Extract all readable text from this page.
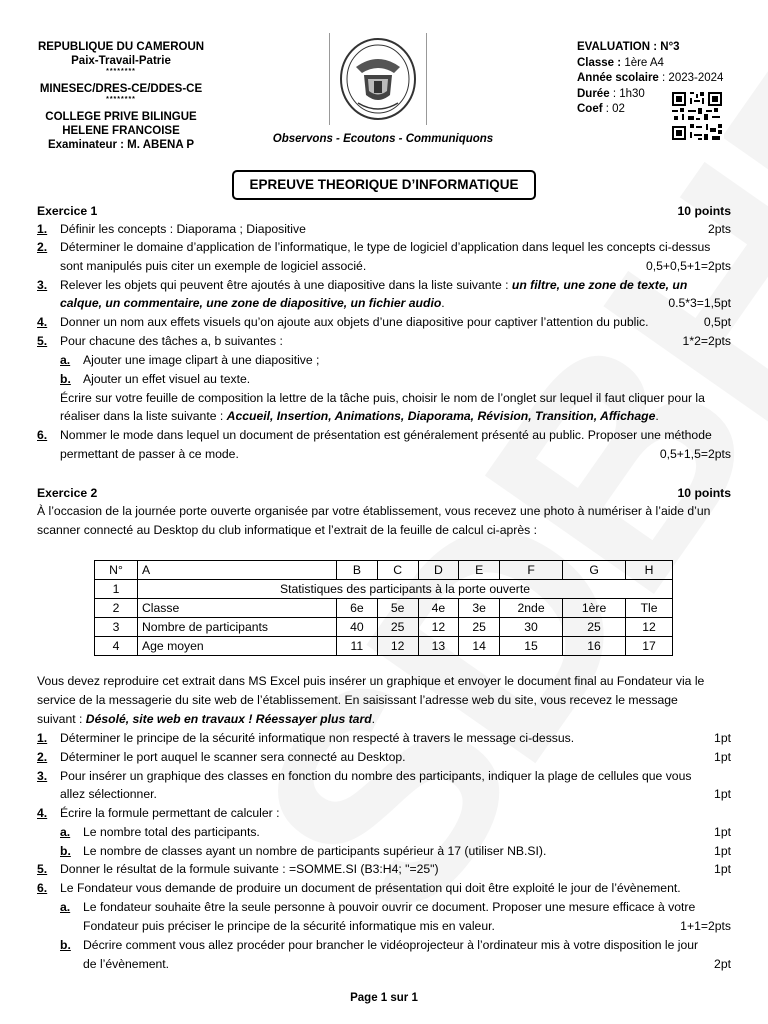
REPUBLIQUE DU CAMEROUN
Paix-Travail-Patrie
********
MINESEC/DRES-CE/DDES-CE
********
COLLEGE PRIVE BILINGUE
HELENE FRANCOISE
Examinateur : M. ABENA P	Observons - Ecoutons - Communiquons
EVALUATION : N°3
Classe : 1ère A4
Année scolaire : 2023-2024
Durée : 1h30
Coef : 02
EPREUVE THEORIQUE D’INFORMATIQUE
Exercice 1	10 points
1. Définir les concepts : Diaporama ; Diapositive	2pts
2. Déterminer le domaine d’application de l’informatique, le type de logiciel d’application dans lequel les concepts ci-dessus
sont manipulés puis citer un exemple de logiciel associé.	0,5+0,5+1=2pts
3. Relever les objets qui peuvent être ajoutés à une diapositive dans la liste suivante : un filtre, une zone de texte, un
calque, un commentaire, une zone de diapositive, un fichier audio.	0.5*3=1,5pt
4. Donner un nom aux effets visuels qu’on ajoute aux objets d’une diapositive pour captiver l’attention du public.	0,5pt
5. Pour chacune des tâches a, b suivantes :	1*2=2pts
a. Ajouter une image clipart à une diapositive ;
b. Ajouter un effet visuel au texte.
Écrire sur votre feuille de composition la lettre de la tâche puis, choisir le nom de l’onglet sur lequel il faut cliquer pour la
réaliser dans la liste suivante : Accueil, Insertion, Animations, Diaporama, Révision, Transition, Affichage.
6. Nommer le mode dans lequel un document de présentation est généralement présenté au public. Proposer une méthode
permettant de passer à ce mode.	0,5+1,5=2pts
Exercice 2	10 points
À l’occasion de la journée porte ouverte organisée par votre établissement, vous recevez une photo à numériser à l’aide d’un
scanner connecté au Desktop du club informatique et l’extrait de la feuille de calcul ci-après :
N°	A	B	C	D	E	F	G	H
1	Statistiques des participants à la porte ouverte							
2	Classe	6e	5e	4e	3e	2nde	1ère	Tle
3	Nombre de participants	40	25	12	25	30	25	12
4	Age moyen	11	12	13	14	15	16	17
Vous devez reproduire cet extrait dans MS Excel puis insérer un graphique et envoyer le document final au Fondateur via le
service de la messagerie du site web de l’établissement. En saisissant l’adresse web du site, vous recevez le message
suivant : Désolé, site web en travaux ! Réessayer plus tard.
1. Déterminer le principe de la sécurité informatique non respecté à travers le message ci-dessus.	1pt
2. Déterminer le port auquel le scanner sera connecté au Desktop.	1pt
3. Pour insérer un graphique des classes en fonction du nombre des participants, indiquer la plage de cellules que vous
allez sélectionner.	1pt
4. Écrire la formule permettant de calculer :
a. Le nombre total des participants.	1pt
b. Le nombre de classes ayant un nombre de participants supérieur à 17 (utiliser NB.SI).	1pt
5. Donner le résultat de la formule suivante : =SOMME.SI (B3:H4; "=25")	1pt
6. Le Fondateur vous demande de produire un document de présentation qui doit être exploité le jour de l’évènement.
a. Le fondateur souhaite être la seule personne à pouvoir ouvrir ce document. Proposer une mesure efficace à votre
Fondateur puis préciser le principe de la sécurité informatique mis en valeur.	1+1=2pts
b. Décrire comment vous allez procéder pour brancher le vidéoprojecteur à l’ordinateur mis à votre disposition le jour
de l’évènement.	2pt
Page 1 sur 1
